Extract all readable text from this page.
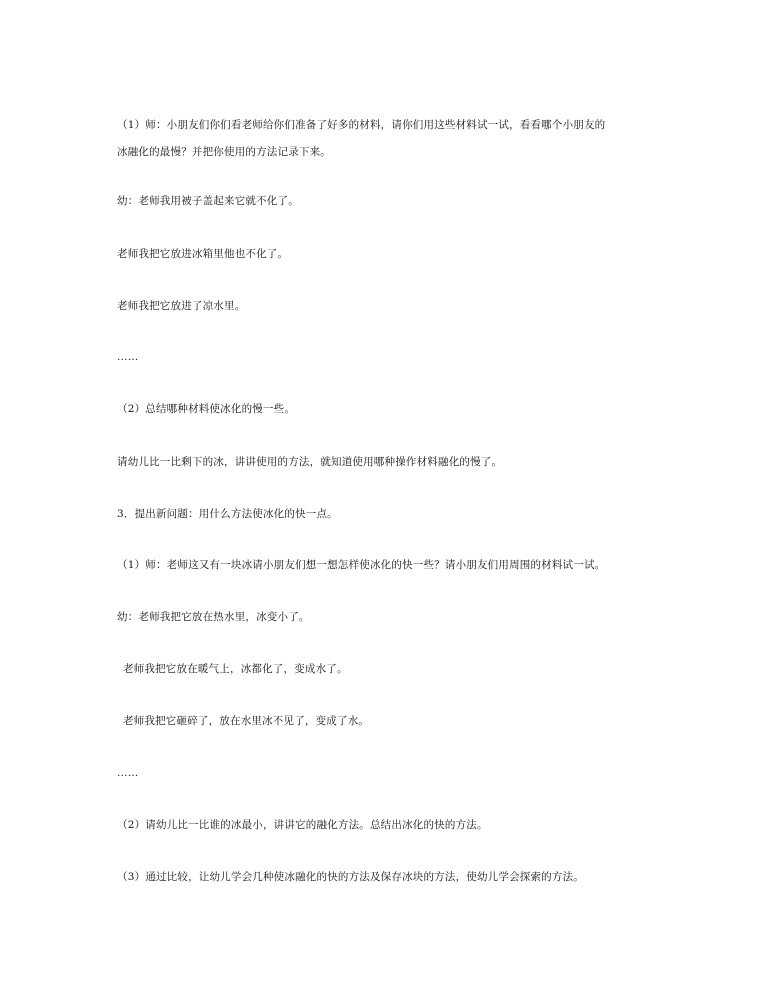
（1）师：小朋友们你们看老师给你们准备了好多的材料，请你们用这些材料试一试，看看哪个小朋友的
冰融化的最慢？并把你使用的方法记录下来。
幼：老师我用被子盖起来它就不化了。
老师我把它放进冰箱里他也不化了。
老师我把它放进了凉水里。
……
（2）总结哪种材料使冰化的慢一些。
请幼儿比一比剩下的冰，讲讲使用的方法，就知道使用哪种操作材料融化的慢了。
3．提出新问题：用什么方法使冰化的快一点。
（1）师：老师这又有一块冰请小朋友们想一想怎样使冰化的快一些？请小朋友们用周围的材料试一试。
幼：老师我把它放在热水里，冰变小了。
老师我把它放在暖气上，冰都化了，变成水了。
老师我把它砸碎了，放在水里冰不见了，变成了水。
……
（2）请幼儿比一比谁的冰最小，讲讲它的融化方法。总结出冰化的快的方法。
（3）通过比较，让幼儿学会几种使冰融化的快的方法及保存冰块的方法，使幼儿学会探索的方法。
